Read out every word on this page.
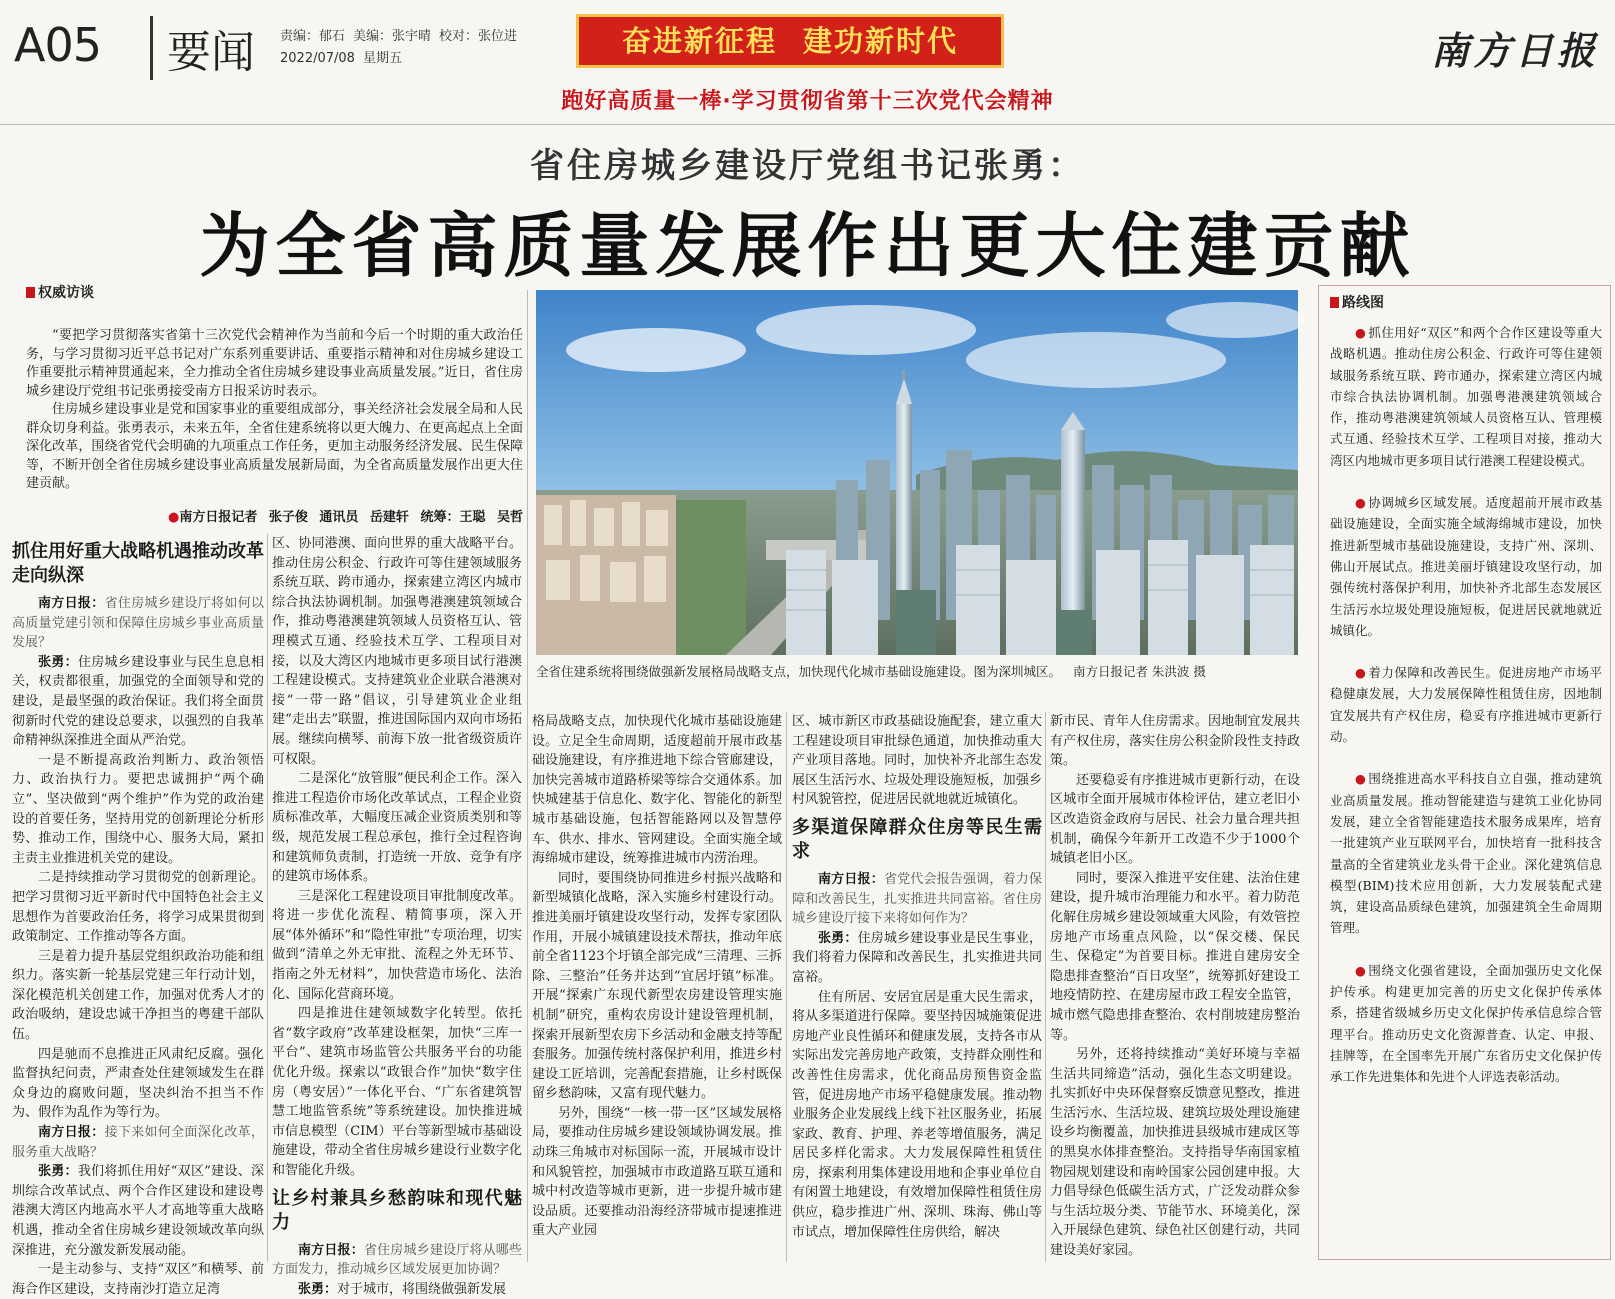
A05	要闻 责编：郁石 美编：张宇晴 校对：张位进
2022/07/08 星期五
奋进新征程 建功新时代	南方日报
跑好高质量一棒·学习贯彻省第十三次党代会精神
省住房城乡建设厅党组书记张勇：
为全省高质量发展作出更大住建贡献
权威访谈

“要把学习贯彻落实省第十三次党代会精神作为当前和今后一个时期的重大政治任务，与学习贯彻习近平总书记对广东系列重要讲话、重要指示精神和对住房城乡建设工作重要批示精神贯通起来，全力推动全省住房城乡建设事业高质量发展。”近日，省住房城乡建设厅党组书记张勇接受南方日报采访时表示。

住房城乡建设事业是党和国家事业的重要组成部分，事关经济社会发展全局和人民群众切身利益。张勇表示，未来五年，全省住建系统将以更大魄力、在更高起点上全面深化改革，围绕省党代会明确的九项重点工作任务，更加主动服务经济发展、民生保障等，不断开创全省住房城乡建设事业高质量发展新局面，为全省高质量发展作出更大住建贡献。

● 南方日报记者 张子俊 通讯员 岳建轩 统筹：王聪 吴哲
全省住建系统将围绕做强新发展格局战略支点，加快现代化城市基础设施建设。图为深圳城区。 南方日报记者 朱洪波 摄
抓住用好重大战略机遇推动改革走向纵深

南方日报：省住房城乡建设厅将如何以高质量党建引领和保障住房城乡事业高质量发展？

张勇：住房城乡建设事业与民生息息相关，权责都很重，加强党的全面领导和党的建设，是最坚强的政治保证。我们将全面贯彻新时代党的建设总要求，以强烈的自我革命精神纵深推进全面从严治党。

一是不断提高政治判断力、政治领悟力、政治执行力。要把忠诚拥护“两个确立”、坚决做到“两个维护”作为党的政治建设的首要任务，坚持用党的创新理论分析形势、推动工作，围绕中心、服务大局，紧扣主责主业推进机关党的建设。

二是持续推动学习贯彻党的创新理论。把学习贯彻习近平新时代中国特色社会主义思想作为首要政治任务，将学习成果贯彻到政策制定、工作推动等各方面。

三是着力提升基层党组织政治功能和组织力。落实新一轮基层党建三年行动计划，深化模范机关创建工作，加强对优秀人才的政治吸纳，建设忠诚干净担当的粤建干部队伍。

四是驰而不息推进正风肃纪反腐。强化监督执纪问责，严肃查处住建领域发生在群众身边的腐败问题，坚决纠治不担当不作为、假作为乱作为等行为。

南方日报：接下来如何全面深化改革，服务重大战略？

张勇：我们将抓住用好“双区”建设、深圳综合改革试点、两个合作区建设和建设粤港澳大湾区内地高水平人才高地等重大战略机遇，推动全省住房城乡建设领域改革向纵深推进，充分激发新发展动能。

一是主动参与、支持“双区”和横琴、前海合作区建设，支持南沙打造立足湾

区、协同港澳、面向世界的重大战略平台。推动住房公积金、行政许可等住建领域服务系统互联、跨市通办，探索建立湾区内城市综合执法协调机制。加强粤港澳建筑领域合作，推动粤港澳建筑领域人员资格互认、管理模式互通、经验技术互学、工程项目对接，以及大湾区内地城市更多项目试行港澳工程建设模式。支持建筑业企业联合港澳对接“一带一路”倡议，引导建筑业企业组建“走出去”联盟，推进国际国内双向市场拓展。继续向横琴、前海下放一批省级资质许可权限。

二是深化“放管服”便民利企工作。深入推进工程造价市场化改革试点，工程企业资质标准改革，大幅度压减企业资质类别和等级，规范发展工程总承包，推行全过程咨询和建筑师负责制，打造统一开放、竞争有序的建筑市场体系。

三是深化工程建设项目审批制度改革。将进一步优化流程、精简事项，深入开展“体外循环”和“隐性审批”专项治理，切实做到“清单之外无审批、流程之外无环节、指南之外无材料”，加快营造市场化、法治化、国际化营商环境。

四是推进住建领域数字化转型。依托省“数字政府”改革建设框架，加快“三库一平台”、建筑市场监管公共服务平台的功能优化升级。探索以“政银合作”加快“数字住房（粤安居）”一体化平台、“广东省建筑智慧工地监管系统”等系统建设。加快推进城市信息模型（CIM）平台等新型城市基础设施建设，带动全省住房城乡建设行业数字化和智能化升级。

让乡村兼具乡愁韵味和现代魅力

南方日报：省住房城乡建设厅将从哪些方面发力，推动城乡区域发展更加协调？

张勇：对于城市，将围绕做强新发展

格局战略支点，加快现代化城市基础设施建设。立足全生命周期，适度超前开展市政基础设施建设，有序推进地下综合管廊建设，加快完善城市道路桥梁等综合交通体系。加快城建基于信息化、数字化、智能化的新型城市基础设施，包括智能路网以及智慧停车、供水、排水、管网建设。全面实施全域海绵城市建设，统筹推进城市内涝治理。

同时，要围绕协同推进乡村振兴战略和新型城镇化战略，深入实施乡村建设行动。推进美丽圩镇建设攻坚行动，发挥专家团队作用，开展小城镇建设技术帮扶，推动年底前全省1123个圩镇全部完成“三清理、三拆除、三整治”任务并达到“宜居圩镇”标准。开展“探索广东现代新型农房建设管理实施机制”研究，重构农房设计建设管理机制，探索开展新型农房下乡活动和金融支持等配套服务。加强传统村落保护利用，推进乡村建设工匠培训，完善配套措施，让乡村既保留乡愁韵味，又富有现代魅力。

另外，围绕“一核一带一区”区域发展格局，要推动住房城乡建设领域协调发展。推动珠三角城市对标国际一流，开展城市设计和风貌管控，加强城市市政道路互联互通和城中村改造等城市更新，进一步提升城市建设品质。还要推动沿海经济带城市提速推进重大产业园

区、城市新区市政基础设施配套，建立重大工程建设项目审批绿色通道，加快推动重大产业项目落地。同时，加快补齐北部生态发展区生活污水、垃圾处理设施短板，加强乡村风貌管控，促进居民就地就近城镇化。

多渠道保障群众住房等民生需求

南方日报：省党代会报告强调，着力保障和改善民生，扎实推进共同富裕。省住房城乡建设厅接下来将如何作为？

张勇：住房城乡建设事业是民生事业，我们将着力保障和改善民生，扎实推进共同富裕。

住有所居、安居宜居是重大民生需求，将从多渠道进行保障。要坚持因城施策促进房地产业良性循环和健康发展，支持各市从实际出发完善房地产政策，支持群众刚性和改善性住房需求，优化商品房预售资金监管，促进房地产市场平稳健康发展。推动物业服务企业发展线上线下社区服务业，拓展家政、教育、护理、养老等增值服务，满足居民多样化需求。大力发展保障性租赁住房，探索利用集体建设用地和企事业单位自有闲置土地建设，有效增加保障性租赁住房供应，稳步推进广州、深圳、珠海、佛山等市试点，增加保障性住房供给，解决

新市民、青年人住房需求。因地制宜发展共有产权住房，落实住房公积金阶段性支持政策。

还要稳妥有序推进城市更新行动，在设区城市全面开展城市体检评估，建立老旧小区改造资金政府与居民、社会力量合理共担机制，确保今年新开工改造不少于1000个城镇老旧小区。

同时，要深入推进平安住建、法治住建建设，提升城市治理能力和水平。着力防范化解住房城乡建设领域重大风险，有效管控房地产市场重点风险，以“保交楼、保民生、保稳定”为首要目标。推进自建房安全隐患排查整治“百日攻坚”，统筹抓好建设工地疫情防控、在建房屋市政工程安全监管，城市燃气隐患排查整治、农村削坡建房整治等。

另外，还将持续推动“美好环境与幸福生活共同缔造”活动，强化生态文明建设。扎实抓好中央环保督察反馈意见整改，推进生活污水、生活垃圾、建筑垃圾处理设施建设乡均衡覆盖，加快推进县级城市建成区等的黑臭水体排查整治。支持指导华南国家植物园规划建设和南岭国家公园创建申报。大力倡导绿色低碳生活方式，广泛发动群众参与生活垃圾分类、节能节水、环境美化，深入开展绿色建筑、绿色社区创建行动，共同建设美好家园。

路线图

● 抓住用好“双区”和两个合作区建设等重大战略机遇。推动住房公积金、行政许可等住建领域服务系统互联、跨市通办，探索建立湾区内城市综合执法协调机制。加强粤港澳建筑领域合作，推动粤港澳建筑领域人员资格互认、管理模式互通、经验技术互学、工程项目对接，推动大湾区内地城市更多项目试行港澳工程建设模式。

● 协调城乡区域发展。适度超前开展市政基础设施建设，全面实施全域海绵城市建设，加快推进新型城市基础设施建设，支持广州、深圳、佛山开展试点。推进美丽圩镇建设攻坚行动，加强传统村落保护利用，加快补齐北部生态发展区生活污水垃圾处理设施短板，促进居民就地就近城镇化。

● 着力保障和改善民生。促进房地产市场平稳健康发展，大力发展保障性租赁住房，因地制宜发展共有产权住房，稳妥有序推进城市更新行动。

● 围绕推进高水平科技自立自强，推动建筑业高质量发展。推动智能建造与建筑工业化协同发展，建立全省智能建造技术服务成果库，培育一批建筑产业互联网平台，加快培育一批科技含量高的全省建筑业龙头骨干企业。深化建筑信息模型(BIM)技术应用创新，大力发展装配式建筑，建设高品质绿色建筑，加强建筑全生命周期管理。

● 围绕文化强省建设，全面加强历史文化保护传承。构建更加完善的历史文化保护传承体系，搭建省级城乡历史文化保护传承信息综合管理平台。推动历史文化资源普查、认定、申报、挂牌等，在全国率先开展广东省历史文化保护传承工作先进集体和先进个人评选表彰活动。
